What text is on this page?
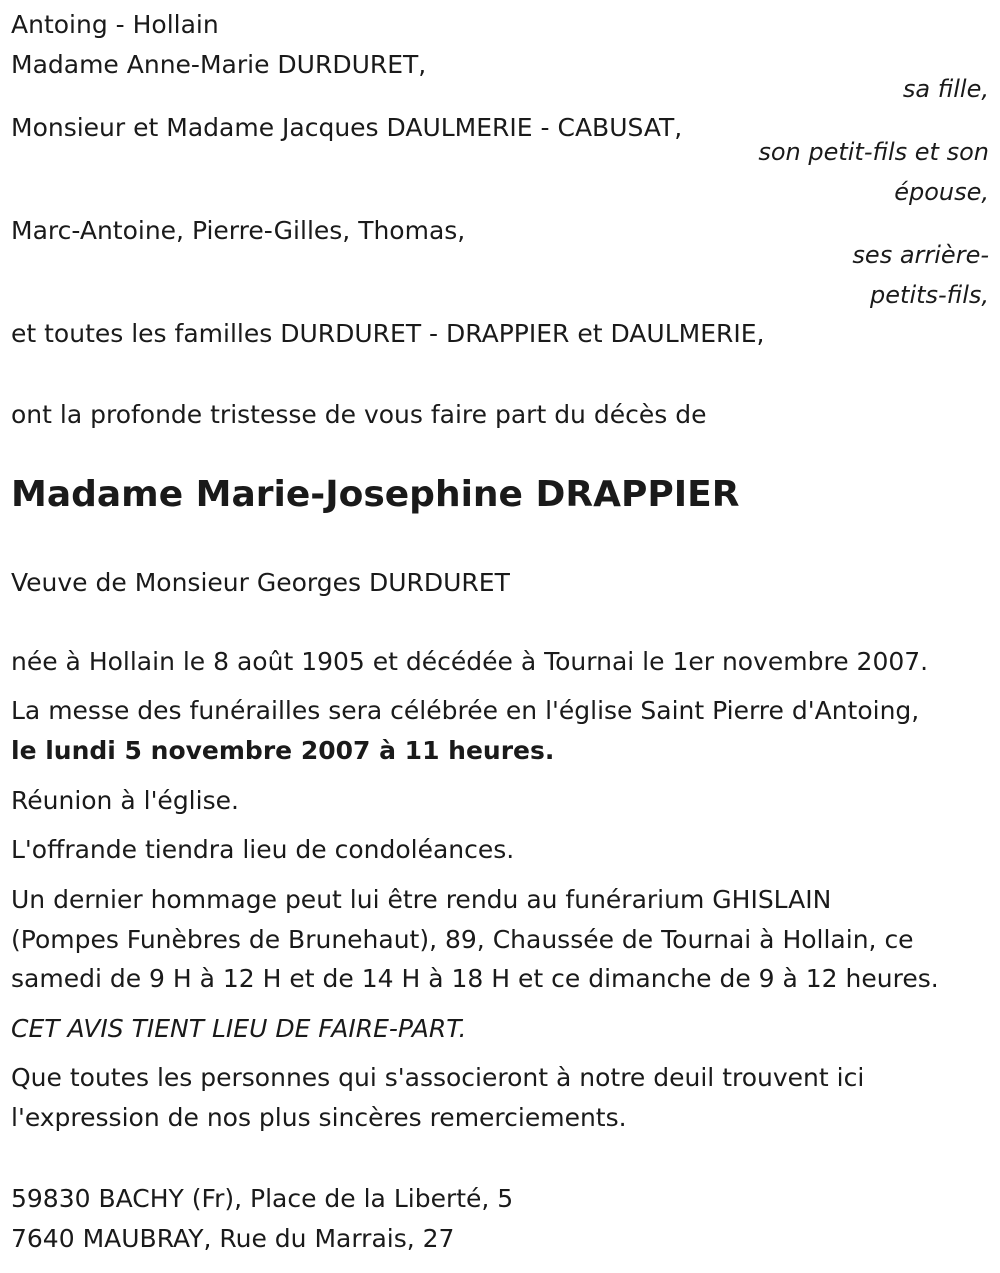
Antoing - Hollain
Madame Anne-Marie DURDURET,
sa fille,
Monsieur et Madame Jacques DAULMERIE - CABUSAT,
son petit-fils et son
épouse,
Marc-Antoine, Pierre-Gilles, Thomas,
ses arrière-
petits-fils,
et toutes les familles DURDURET - DRAPPIER et DAULMERIE,
ont la profonde tristesse de vous faire part du décès de
Madame Marie-Josephine DRAPPIER
Veuve de Monsieur Georges DURDURET
née à Hollain le 8 août 1905 et décédée à Tournai le 1er novembre 2007.
La messe des funérailles sera célébrée en l'église Saint Pierre d'Antoing,
le lundi 5 novembre 2007 à 11 heures.
Réunion à l'église.
L'offrande tiendra lieu de condoléances.
Un dernier hommage peut lui être rendu au funérarium GHISLAIN
(Pompes Funèbres de Brunehaut), 89, Chaussée de Tournai à Hollain, ce
samedi de 9 H à 12 H et de 14 H à 18 H et ce dimanche de 9 à 12 heures.
CET AVIS TIENT LIEU DE FAIRE-PART.
Que toutes les personnes qui s'associeront à notre deuil trouvent ici
l'expression de nos plus sincères remerciements.
59830 BACHY (Fr), Place de la Liberté, 5
7640 MAUBRAY, Rue du Marrais, 27
